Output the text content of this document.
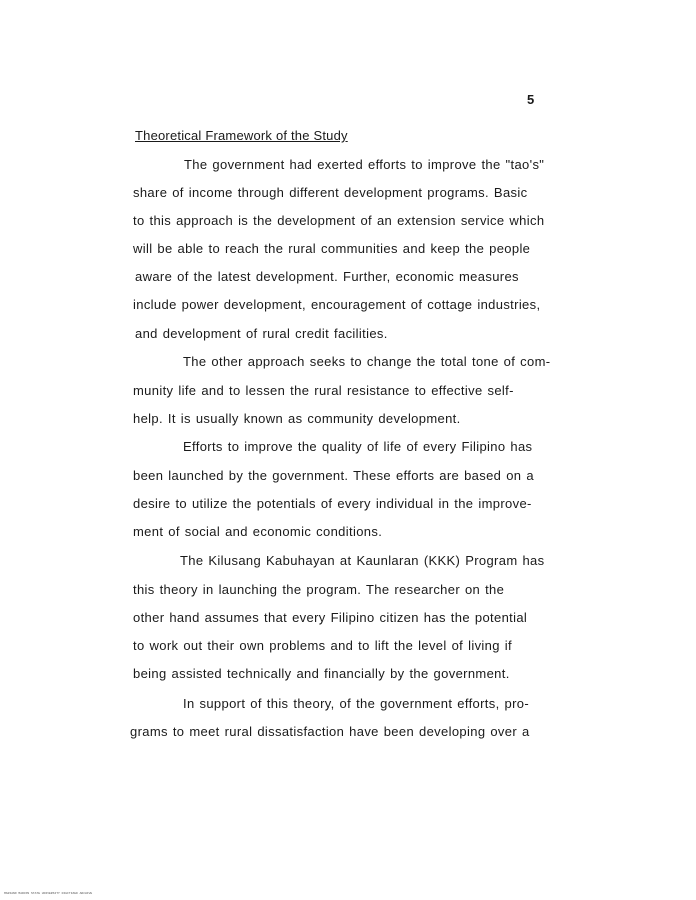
5
Theoretical Framework of the Study
The government had exerted efforts to improve the "tao's"
share of income through different development programs. Basic
to this approach is the development of an extension service which
will be able to reach the rural communities and keep the people
aware of the latest development. Further, economic measures
include power development, encouragement of cottage industries,
and development of rural credit facilities.
The other approach seeks to change the total tone of com-
munity life and to lessen the rural resistance to effective self-
help. It is usually known as community development.
Efforts to improve the quality of life of every Filipino has
been launched by the government. These efforts are based on a
desire to utilize the potentials of every individual in the improve-
ment of social and economic conditions.
The Kilusang Kabuhayan at Kaunlaran (KKK) Program has
this theory in launching the program. The researcher on the
other hand assumes that every Filipino citizen has the potential
to work out their own problems and to lift the level of living if
being assisted technically and financially by the government.
In support of this theory, of the government efforts, pro-
grams to meet rural dissatisfaction have been developing over a
MARIANO MARCOS STATE UNIVERSITY DIGITIZED ARCHIVE
